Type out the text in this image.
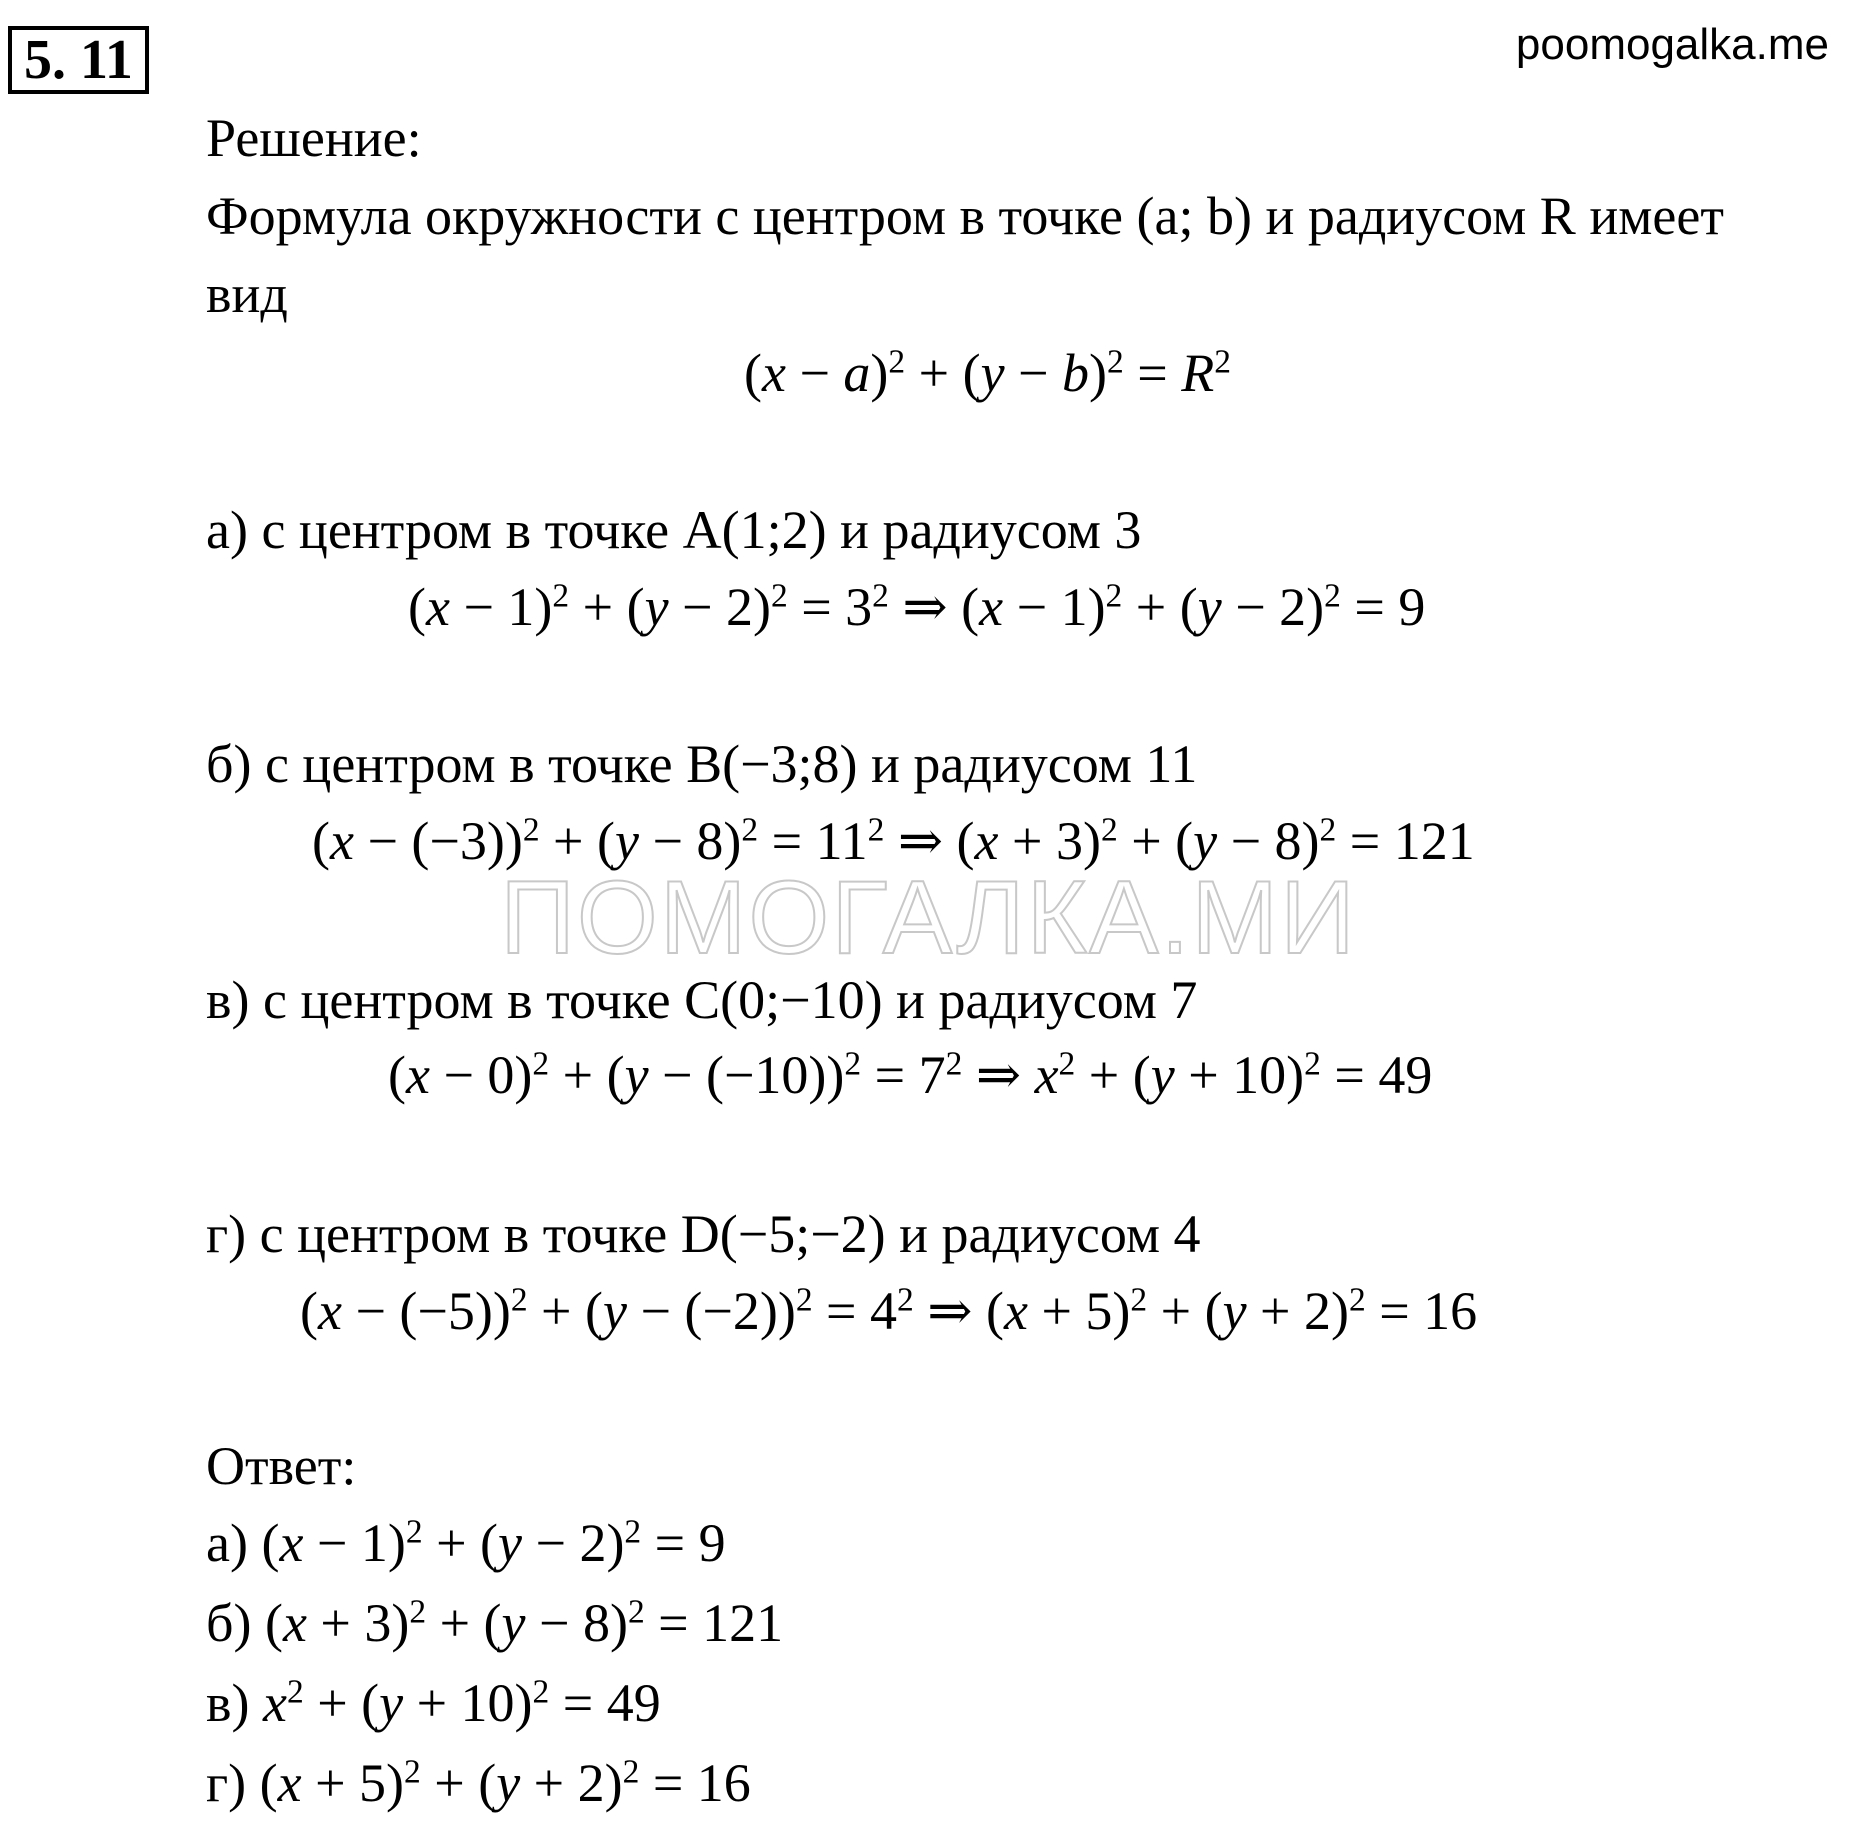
5. 11	poomogalka.me
Решение:
Формула окружности с центром в точке (a; b) и радиусом R имеет
вид
$(x - a)^2 + (y - b)^2 = R^2$
а) с центром в точке A(1;2) и радиусом 3
$(x - 1)^2 + (y - 2)^2 = 3^2$ ⇒ $(x - 1)^2 + (y - 2)^2 = 9$
б) с центром в точке B(−3;8) и радиусом 11
$(x - (-3))^2 + (y - 8)^2 = 11^2$ ⇒ $(x + 3)^2 + (y - 8)^2 = 121$
ПОМОГАЛКА.МИ
в) с центром в точке C(0;−10) и радиусом 7
$(x - 0)^2 + (y - (-10))^2 = 7^2$ ⇒ $x^2 + (y + 10)^2 = 49$
г) с центром в точке D(−5;−2) и радиусом 4
$(x - (-5))^2 + (y - (-2))^2 = 4^2$ ⇒ $(x + 5)^2 + (y + 2)^2 = 16$
Ответ:
а) $(x - 1)^2 + (y - 2)^2 = 9$
б) $(x + 3)^2 + (y - 8)^2 = 121$
в) $x^2 + (y + 10)^2 = 49$
г) $(x + 5)^2 + (y + 2)^2 = 16$
